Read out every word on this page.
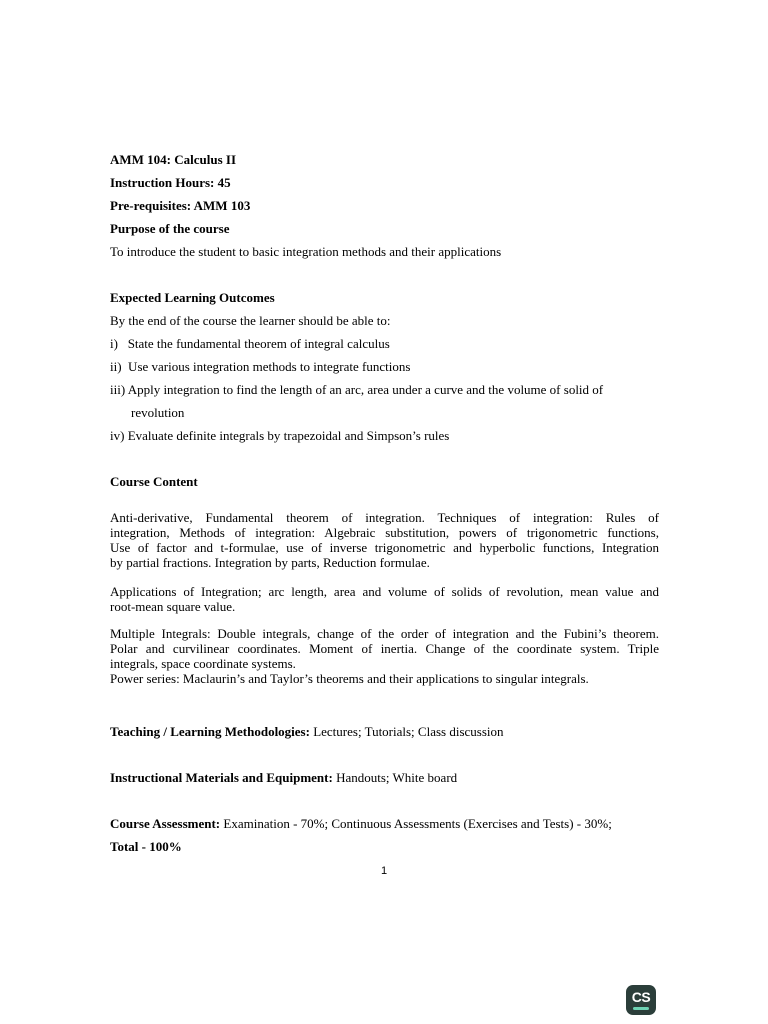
AMM 104: Calculus II
Instruction Hours: 45
Pre-requisites: AMM 103
Purpose of the course
To introduce the student to basic integration methods and their applications
Expected Learning Outcomes
By the end of the course the learner should be able to:
i)   State the fundamental theorem of integral calculus
ii)  Use various integration methods to integrate functions
iii) Apply integration to find the length of an arc, area under a curve and the volume of solid of
revolution
iv) Evaluate definite integrals by trapezoidal and Simpson’s rules
Course Content
Anti-derivative, Fundamental theorem of integration. Techniques of integration: Rules of
integration, Methods of integration: Algebraic substitution, powers of trigonometric functions,
Use of factor and t-formulae, use of inverse trigonometric and hyperbolic functions, Integration
by partial fractions. Integration by parts, Reduction formulae.
Applications of Integration; arc length, area and volume of solids of revolution, mean value and
root-mean square value.
Multiple Integrals: Double integrals, change of the order of integration and the Fubini’s theorem.
Polar and curvilinear coordinates. Moment of inertia. Change of the coordinate system. Triple
integrals, space coordinate systems.
Power series: Maclaurin’s and Taylor’s theorems and their applications to singular integrals.
Teaching / Learning Methodologies: Lectures; Tutorials; Class discussion
Instructional Materials and Equipment: Handouts; White board
Course Assessment: Examination - 70%; Continuous Assessments (Exercises and Tests) - 30%;
Total - 100%
1
CS
